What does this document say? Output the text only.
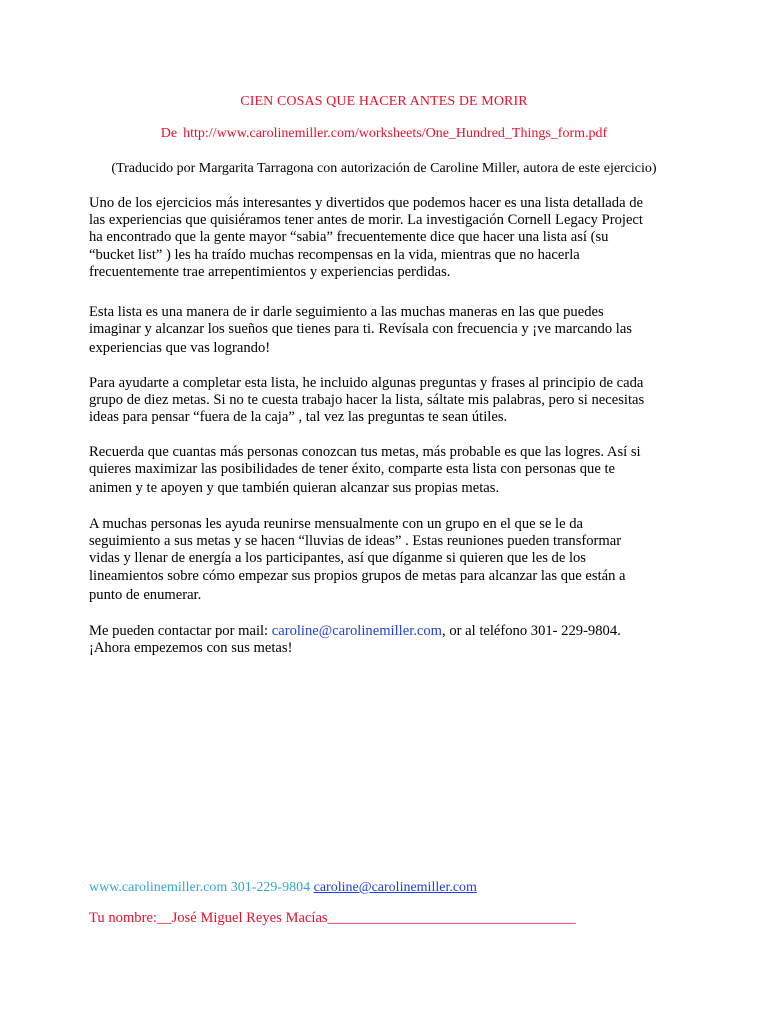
CIEN COSAS QUE HACER ANTES DE MORIR
De http://www.carolinemiller.com/worksheets/One_Hundred_Things_form.pdf
(Traducido por Margarita Tarragona con autorización de Caroline Miller, autora de este ejercicio)

Uno de los ejercicios más interesantes y divertidos que podemos hacer es una lista detallada de
las experiencias que quisiéramos tener antes de morir. La investigación Cornell Legacy Project
ha encontrado que la gente mayor “sabia” frecuentemente dice que hacer una lista así (su
“bucket list” ) les ha traído muchas recompensas en la vida, mientras que no hacerla
frecuentemente trae arrepentimientos y experiencias perdidas.

Esta lista es una manera de ir darle seguimiento a las muchas maneras en las que puedes
imaginar y alcanzar los sueños que tienes para ti. Revísala con frecuencia y ¡ve marcando las
experiencias que vas logrando!

Para ayudarte a completar esta lista, he incluido algunas preguntas y frases al principio de cada
grupo de diez metas. Si no te cuesta trabajo hacer la lista, sáltate mis palabras, pero si necesitas
ideas para pensar “fuera de la caja” , tal vez las preguntas te sean útiles.

Recuerda que cuantas más personas conozcan tus metas, más probable es que las logres. Así si
quieres maximizar las posibilidades de tener éxito, comparte esta lista con personas que te
animen y te apoyen y que también quieran alcanzar sus propias metas.

A muchas personas les ayuda reunirse mensualmente con un grupo en el que se le da
seguimiento a sus metas y se hacen “lluvias de ideas” . Estas reuniones pueden transformar
vidas y llenar de energía a los participantes, así que díganme si quieren que les de los
lineamientos sobre cómo empezar sus propios grupos de metas para alcanzar las que están a
punto de enumerar.

Me pueden contactar por mail: caroline@carolinemiller.com, or al teléfono 301- 229-9804.
¡Ahora empezemos con sus metas!

www.carolinemiller.com 301-229-9804 caroline@carolinemiller.com
Tu nombre:__José Miguel Reyes Macías__________________________________
